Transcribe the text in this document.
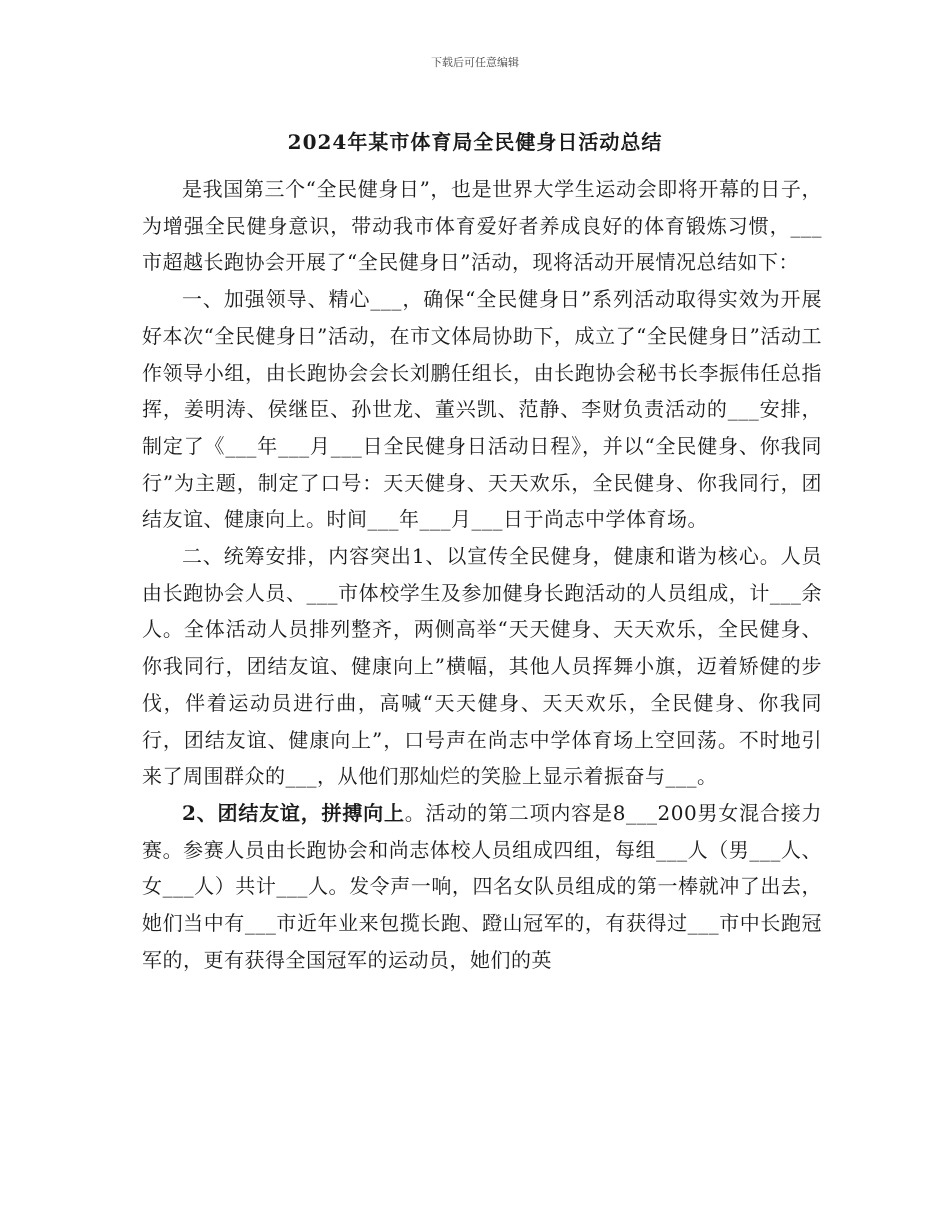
下载后可任意编辑
2024年某市体育局全民健身日活动总结

是我国第三个“全民健身日”，也是世界大学生运动会即将开幕的日子，为增强全民健身意识，带动我市体育爱好者养成良好的体育锻炼习惯，___市超越长跑协会开展了“全民健身日”活动，现将活动开展情况总结如下：

一、加强领导、精心___，确保“全民健身日”系列活动取得实效为开展好本次“全民健身日”活动，在市文体局协助下，成立了“全民健身日”活动工作领导小组，由长跑协会会长刘鹏任组长，由长跑协会秘书长李振伟任总指挥，姜明涛、侯继臣、孙世龙、董兴凯、范静、李财负责活动的___安排，制定了《___年___月___日全民健身日活动日程》，并以“全民健身、你我同行”为主题，制定了口号：天天健身、天天欢乐，全民健身、你我同行，团结友谊、健康向上。时间___年___月___日于尚志中学体育场。

二、统筹安排，内容突出1、以宣传全民健身，健康和谐为核心。人员由长跑协会人员、___市体校学生及参加健身长跑活动的人员组成，计___余人。全体活动人员排列整齐，两侧高举“天天健身、天天欢乐，全民健身、你我同行，团结友谊、健康向上”横幅，其他人员挥舞小旗，迈着矫健的步伐，伴着运动员进行曲，高喊“天天健身、天天欢乐，全民健身、你我同行，团结友谊、健康向上”，口号声在尚志中学体育场上空回荡。不时地引来了周围群众的___，从他们那灿烂的笑脸上显示着振奋与___。

2、团结友谊，拼搏向上。活动的第二项内容是8___200男女混合接力赛。参赛人员由长跑协会和尚志体校人员组成四组，每组___人（男___人、女___人）共计___人。发令声一响，四名女队员组成的第一棒就冲了出去，她们当中有___市近年业来包揽长跑、蹬山冠军的，有获得过___市中长跑冠军的，更有获得全国冠军的运动员，她们的英
